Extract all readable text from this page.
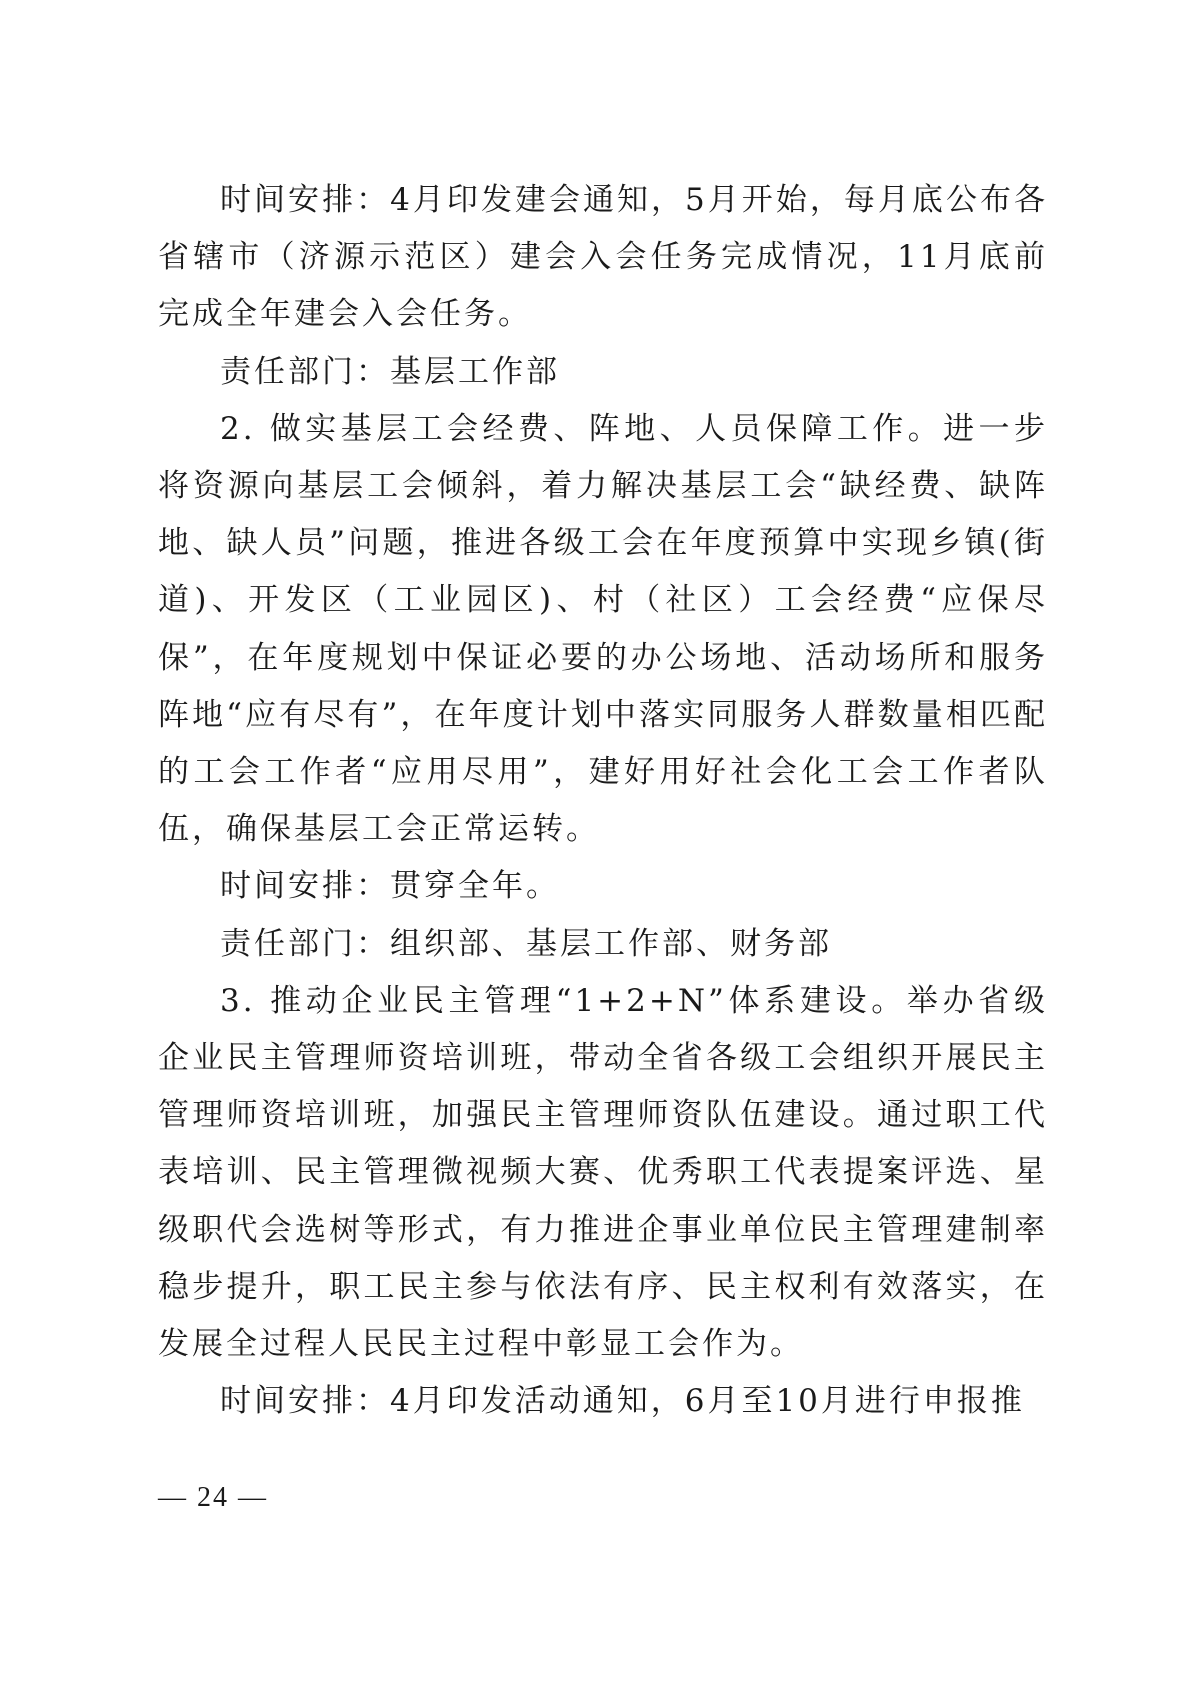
时间安排：4月印发建会通知，5月开始，每月底公布各省辖市（济源示范区）建会入会任务完成情况，11月底前完成全年建会入会任务。

责任部门：基层工作部

2. 做实基层工会经费、阵地、人员保障工作。进一步将资源向基层工会倾斜，着力解决基层工会“缺经费、缺阵地、缺人员”问题，推进各级工会在年度预算中实现乡镇(街道)、开发区（工业园区)、村（社区）工会经费“应保尽保”，在年度规划中保证必要的办公场地、活动场所和服务阵地“应有尽有”，在年度计划中落实同服务人群数量相匹配的工会工作者“应用尽用”，建好用好社会化工会工作者队伍，确保基层工会正常运转。

时间安排：贯穿全年。

责任部门：组织部、基层工作部、财务部

3. 推动企业民主管理“1+2+N”体系建设。举办省级企业民主管理师资培训班，带动全省各级工会组织开展民主管理师资培训班，加强民主管理师资队伍建设。通过职工代表培训、民主管理微视频大赛、优秀职工代表提案评选、星级职代会选树等形式，有力推进企事业单位民主管理建制率稳步提升，职工民主参与依法有序、民主权利有效落实，在发展全过程人民民主过程中彰显工会作为。

时间安排：4月印发活动通知，6月至10月进行申报推

— 24 —
